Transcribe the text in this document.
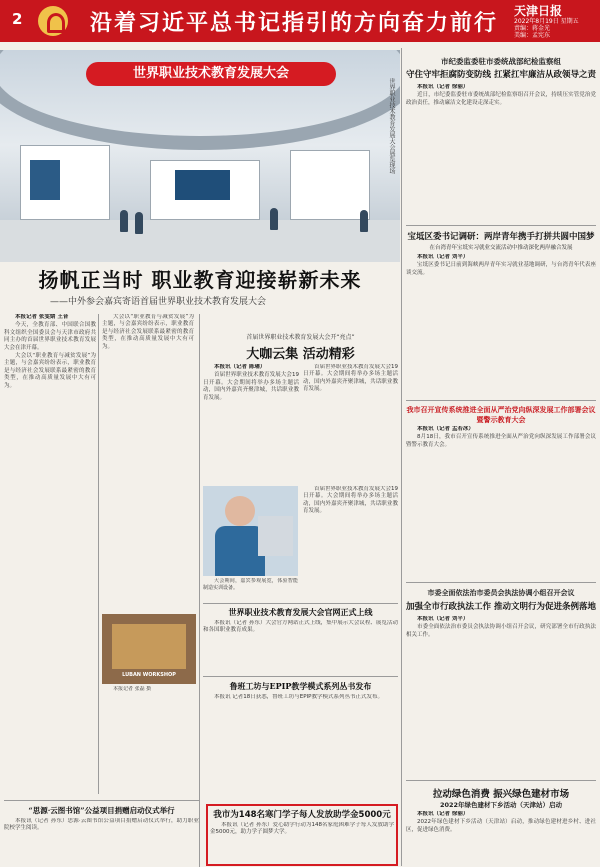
2	沿着习近平总书记指引的方向奋力前行 天津日报
2022年8月19日 星期五
责编：蒋金光
美编：孟宪东
世界职业技术教育发展大会
世界职业技术教育发展大会展览现场
扬帆正当时 职业教育迎接崭新未来
——中外参会嘉宾寄语首届世界职业技术教育发展大会

本报记者 张雯婧 王音

今天，全教育部、中国联合国教科文组织全国委员会与天津市政府共同主办的首届世界职业技术教育发展大会在津开幕。

大会以“职业教育与减贫发展”为主题，与会嘉宾纷纷表示，职业教育是与经济社会发展联系最紧密的教育类型，在推动高质量发展中大有可为。

大会以“职业教育与减贫发展”为主题，与会嘉宾纷纷表示，职业教育是与经济社会发展联系最紧密的教育类型，在推动高质量发展中大有可为。

首届世界职业技术教育发展大会开“亮点”
大咖云集 活动精彩

本报讯（记者 陈璠）

首届世界职业技术教育发展大会19日开幕。大会期间将举办多场主题活动，国内外嘉宾齐聚津城，共话职业教育发展。

首届世界职业技术教育发展大会19日开幕。大会期间将举办多场主题活动，国内外嘉宾齐聚津城，共话职业教育发展。

大会期间，嘉宾参观展览，体验智能制造实训设备。

首届世界职业技术教育发展大会19日开幕。大会期间将举办多场主题活动，国内外嘉宾齐聚津城，共话职业教育发展。

世界职业技术教育发展大会官网正式上线

本报讯（记者 孙东）大会官方网站正式上线，集中展示大会议程、展览活动和各国职业教育成果。

鲁班工坊与EPIP教学模式系列丛书发布

本报讯 记者18日获悉，鲁班工坊与EPIP教学模式系列丛书正式发布。

LUBAN WORKSHOP

本报记者 张磊 摄

“思源·云图书馆”公益项目捐赠启动仪式举行

本报讯（记者 孙东）思源·云图书馆公益项目捐赠启动仪式举行，助力职业院校学生阅读。

我市为148名寒门学子每人发放助学金5000元

本报讯（记者 孙东）爱心助学行动为148名家庭困难学子每人发放助学金5000元，助力学子圆梦大学。

市纪委监委驻市委统战部纪检监察组
守住守牢拒腐防变防线 扛紧扛牢廉洁从政领导之责

本报讯（记者 徐丽）

近日，市纪委监委驻市委统战部纪检监察组召开会议，持续压实管党治党政治责任，推动廉洁文化建设走深走实。

宝坻区委书记调研：两岸青年携手打拼共圆中国梦
在台湾青年宝坻实习就业交流活动中推动深化两岸融合发展

本报讯（记者 刘平）

宝坻区委书记日前到海峡两岸青年实习就业基地调研，与台湾青年代表座谈交流。

我市召开宣传系统推进全面从严治党向纵深发展工作部署会议暨警示教育大会

本报讯（记者 孟若冰）

8月18日，我市召开宣传系统推进全面从严治党向纵深发展工作部署会议暨警示教育大会。

市委全面依法治市委员会执法协调小组召开会议
加强全市行政执法工作 推动文明行为促进条例落地

本报讯（记者 刘平）

市委全面依法治市委员会执法协调小组召开会议，研究部署全市行政执法相关工作。

拉动绿色消费 振兴绿色建材市场
2022年绿色建材下乡活动（天津站）启动

本报讯（记者 徐丽）

2022年绿色建材下乡活动（天津站）启动，推动绿色建材进乡村、进社区，促进绿色消费。
